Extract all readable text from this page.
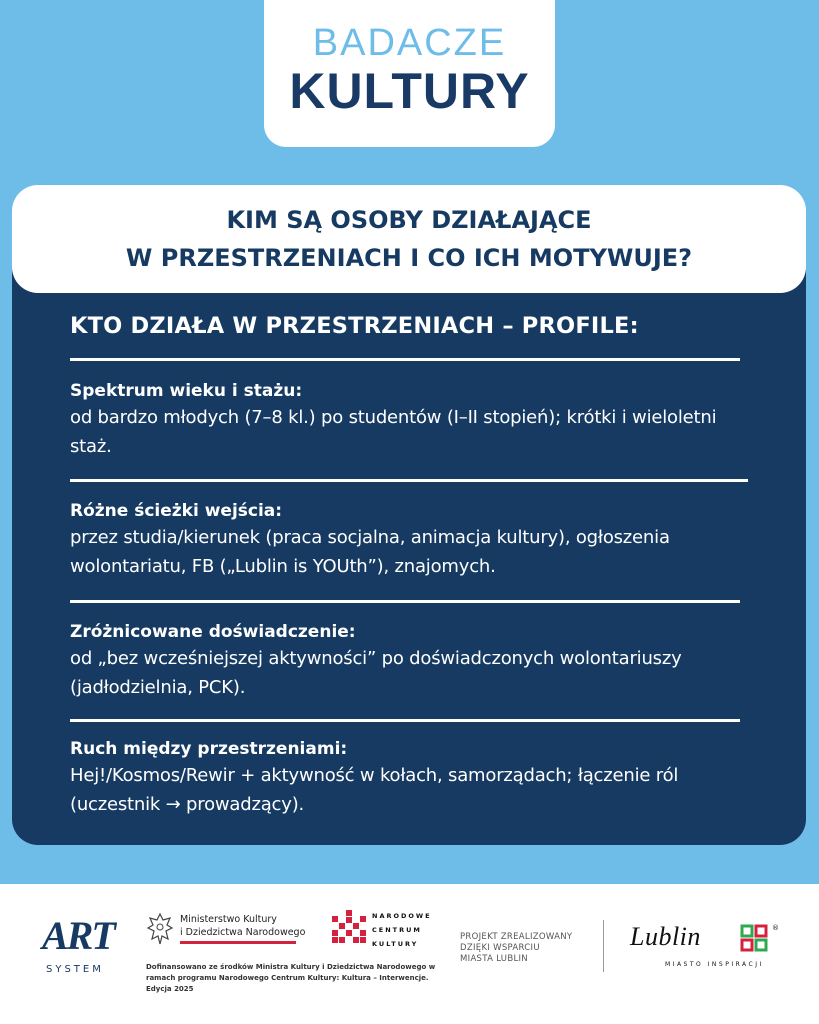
BADACZE
KULTURY
KIM SĄ OSOBY DZIAŁAJĄCE
W PRZESTRZENIACH I CO ICH MOTYWUJE?
KTO DZIAŁA W PRZESTRZENIACH – PROFILE:
Spektrum wieku i stażu:
od bardzo młodych (7–8 kl.) po studentów (I–II stopień); krótki i wieloletni staż.
Różne ścieżki wejścia:
przez studia/kierunek (praca socjalna, animacja kultury), ogłoszenia wolontariatu, FB („Lublin is YOUth”), znajomych.
Zróżnicowane doświadczenie:
od „bez wcześniejszej aktywności” po doświadczonych wolontariuszy (jadłodzielnia, PCK).
Ruch między przestrzeniami:
Hej!/Kosmos/Rewir + aktywność w kołach, samorządach; łączenie ról (uczestnik → prowadzący).
ART
SYSTEM
Ministerstwo Kultury
i Dziedzictwa Narodowego
NARODOWE
CENTRUM
KULTURY
Dofinansowano ze środków Ministra Kultury i Dziedzictwa Narodowego w ramach programu Narodowego Centrum Kultury: Kultura – Interwencje. Edycja 2025
PROJEKT ZREALIZOWANY
DZIĘKI WSPARCIU
MIASTA LUBLIN
Lublin	®
MIASTO INSPIRACJI
